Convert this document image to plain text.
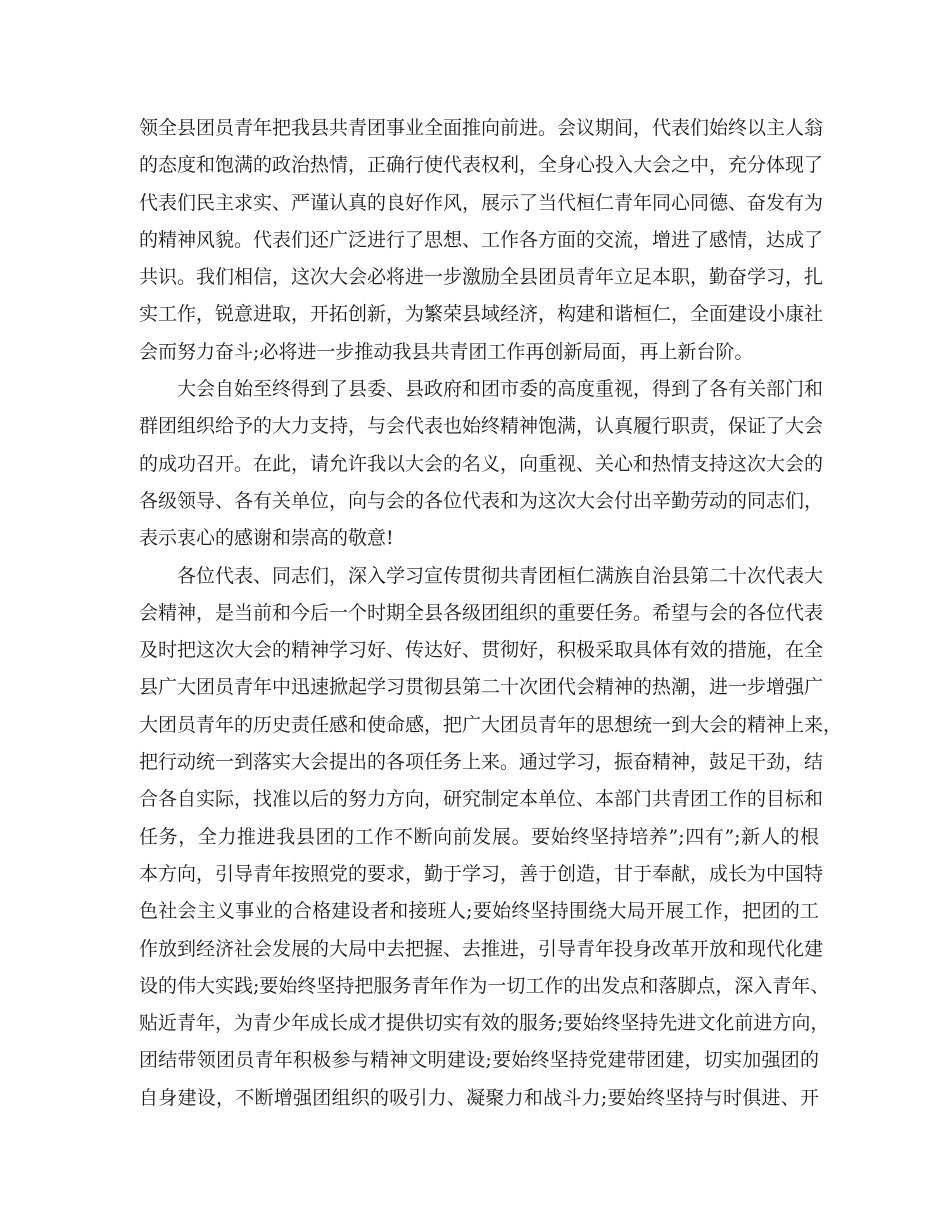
领全县团员青年把我县共青团事业全面推向前进。会议期间，代表们始终以主人翁
的态度和饱满的政治热情，正确行使代表权利，全身心投入大会之中，充分体现了
代表们民主求实、严谨认真的良好作风，展示了当代桓仁青年同心同德、奋发有为
的精神风貌。代表们还广泛进行了思想、工作各方面的交流，增进了感情，达成了
共识。我们相信，这次大会必将进一步激励全县团员青年立足本职，勤奋学习，扎
实工作，锐意进取，开拓创新，为繁荣县域经济，构建和谐桓仁，全面建设小康社
会而努力奋斗;必将进一步推动我县共青团工作再创新局面，再上新台阶。
大会自始至终得到了县委、县政府和团市委的高度重视，得到了各有关部门和
群团组织给予的大力支持，与会代表也始终精神饱满，认真履行职责，保证了大会
的成功召开。在此，请允许我以大会的名义，向重视、关心和热情支持这次大会的
各级领导、各有关单位，向与会的各位代表和为这次大会付出辛勤劳动的同志们，
表示衷心的感谢和崇高的敬意!
各位代表、同志们，深入学习宣传贯彻共青团桓仁满族自治县第二十次代表大
会精神，是当前和今后一个时期全县各级团组织的重要任务。希望与会的各位代表
及时把这次大会的精神学习好、传达好、贯彻好，积极采取具体有效的措施，在全
县广大团员青年中迅速掀起学习贯彻县第二十次团代会精神的热潮，进一步增强广
大团员青年的历史责任感和使命感，把广大团员青年的思想统一到大会的精神上来，
把行动统一到落实大会提出的各项任务上来。通过学习，振奋精神，鼓足干劲，结
合各自实际，找准以后的努力方向，研究制定本单位、本部门共青团工作的目标和
任务，全力推进我县团的工作不断向前发展。要始终坚持培养”;四有”;新人的根
本方向，引导青年按照党的要求，勤于学习，善于创造，甘于奉献，成长为中国特
色社会主义事业的合格建设者和接班人;要始终坚持围绕大局开展工作，把团的工
作放到经济社会发展的大局中去把握、去推进，引导青年投身改革开放和现代化建
设的伟大实践;要始终坚持把服务青年作为一切工作的出发点和落脚点，深入青年、
贴近青年，为青少年成长成才提供切实有效的服务;要始终坚持先进文化前进方向，
团结带领团员青年积极参与精神文明建设;要始终坚持党建带团建，切实加强团的
自身建设，不断增强团组织的吸引力、凝聚力和战斗力;要始终坚持与时俱进、开
